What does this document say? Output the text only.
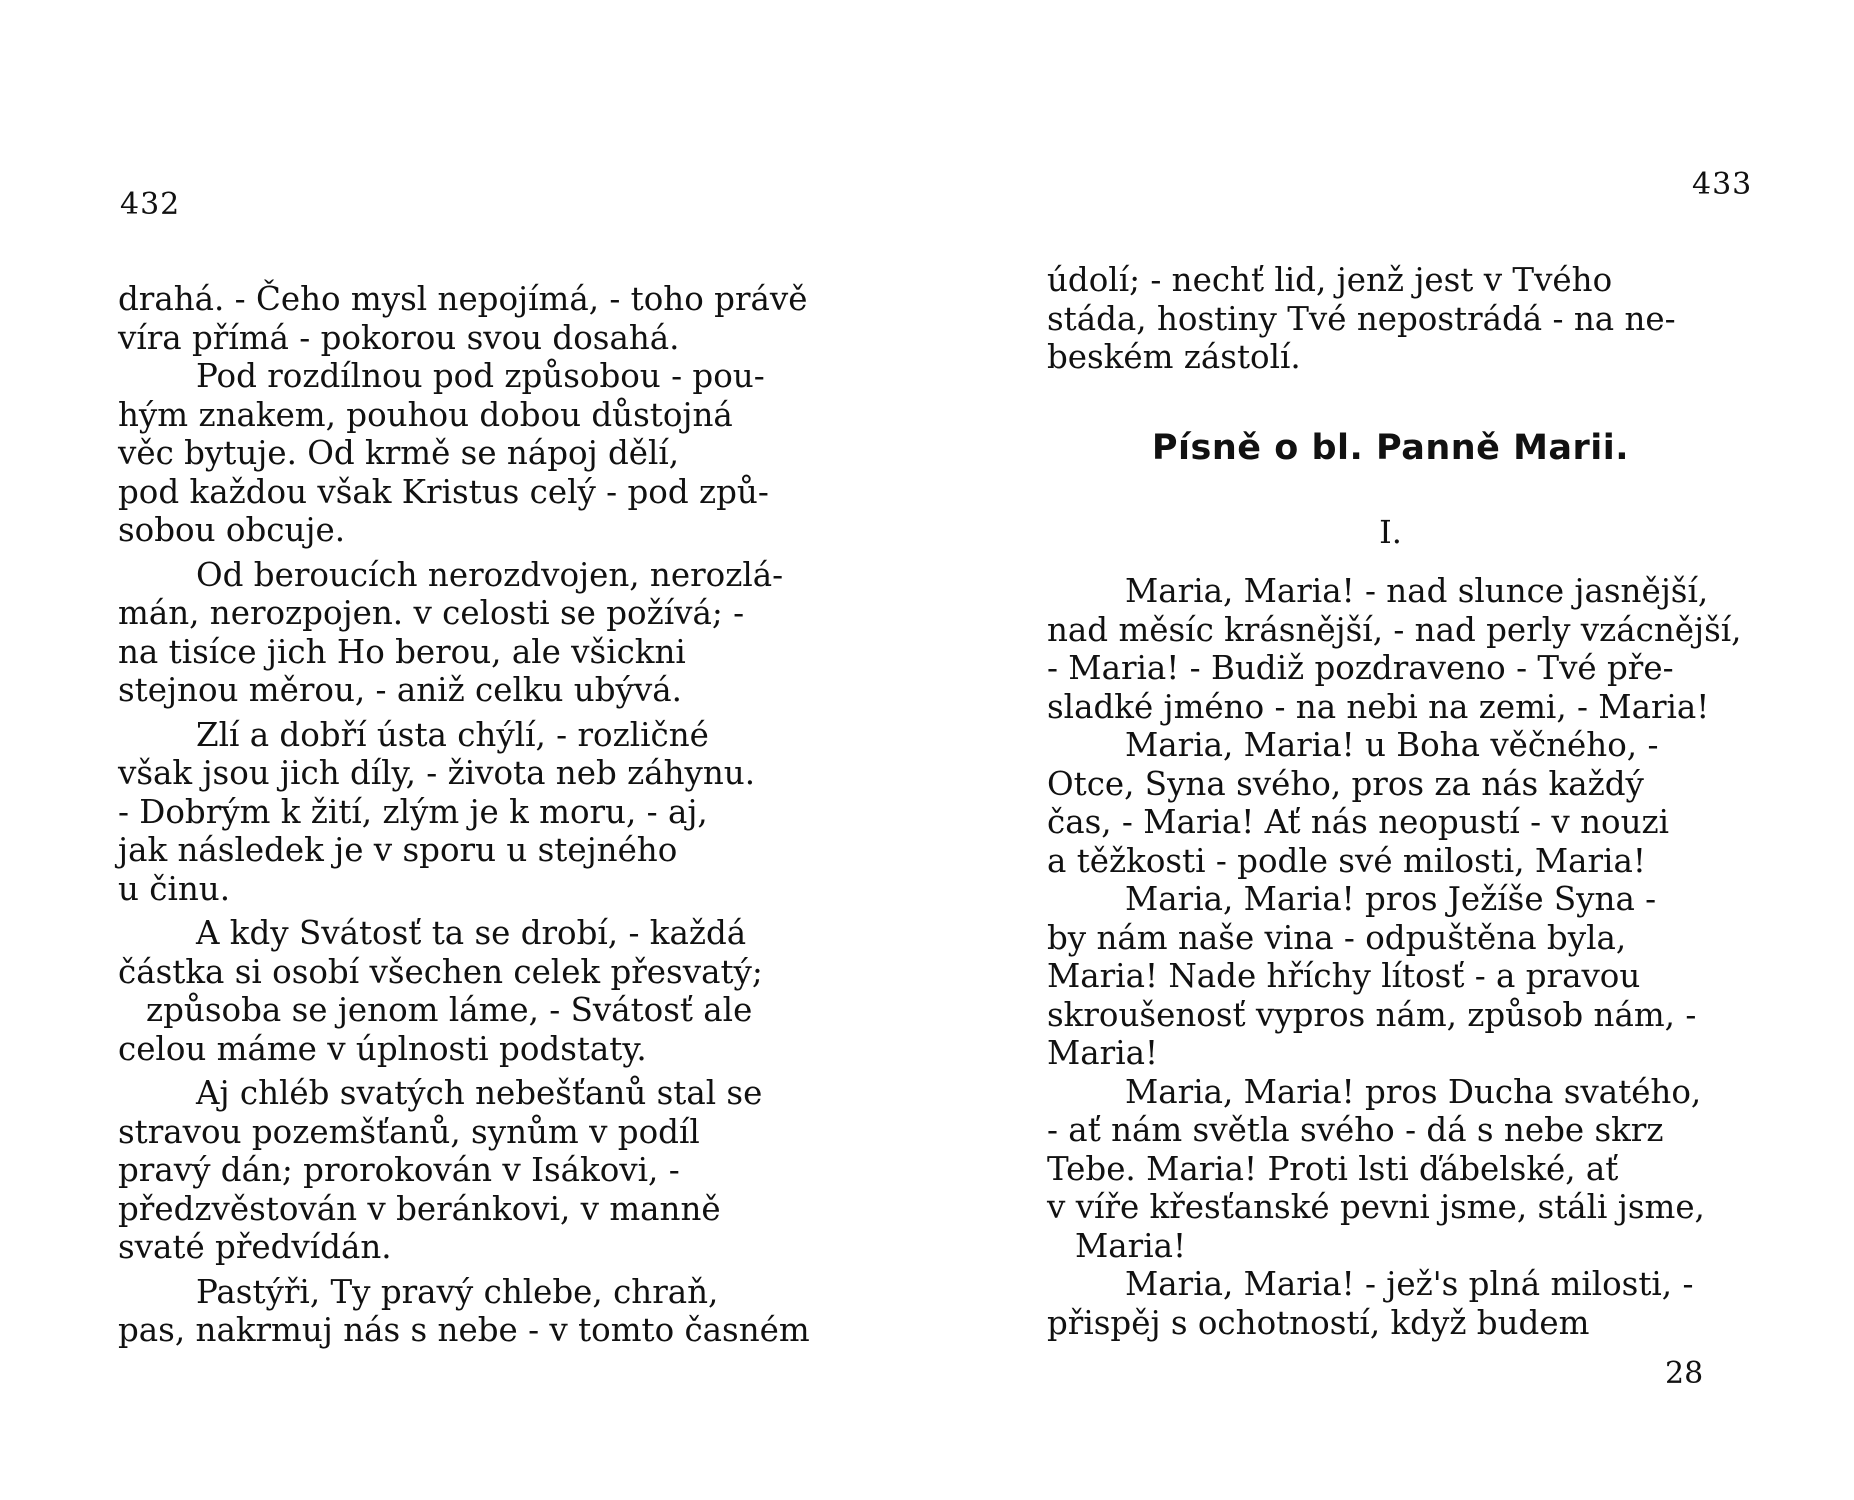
432
drahá. - Čeho mysl nepojímá, - toho právě
víra přímá - pokorou svou dosahá.
Pod rozdílnou pod způsobou - pou-
hým znakem, pouhou dobou důstojná
věc bytuje. Od krmě se nápoj dělí,
pod každou však Kristus celý - pod způ-
sobou obcuje.
Od beroucích nerozdvojen, nerozlá-
mán, nerozpojen. v celosti se požívá; -
na tisíce jich Ho berou, ale všickni
stejnou měrou, - aniž celku ubývá.
Zlí a dobří ústa chýlí, - rozličné
však jsou jich díly, - života neb záhynu.
- Dobrým k žití, zlým je k moru, - aj,
jak následek je v sporu u stejného
u činu.
A kdy Svátosť ta se drobí, - každá
částka si osobí všechen celek přesvatý;
způsoba se jenom láme, - Svátosť ale
celou máme v úplnosti podstaty.
Aj chléb svatých nebešťanů stal se
stravou pozemšťanů, synům v podíl
pravý dán; prorokován v Isákovi, -
předzvěstován v beránkovi, v manně
svaté předvídán.
Pastýři, Ty pravý chlebe, chraň,
pas, nakrmuj nás s nebe - v tomto časném
433
údolí; - nechť lid, jenž jest v Tvého
stáda, hostiny Tvé nepostrádá - na ne-
beském zástolí.
Písně o bl. Panně Marii.
I.
Maria, Maria! - nad slunce jasnější,
nad měsíc krásnější, - nad perly vzácnější,
- Maria! - Budiž pozdraveno - Tvé pře-
sladké jméno - na nebi na zemi, - Maria!
Maria, Maria! u Boha věčného, -
Otce, Syna svého, pros za nás každý
čas, - Maria! Ať nás neopustí - v nouzi
a těžkosti - podle své milosti, Maria!
Maria, Maria! pros Ježíše Syna -
by nám naše vina - odpuštěna byla,
Maria! Nade hříchy lítosť - a pravou
skroušenosť vypros nám, způsob nám, -
Maria!
Maria, Maria! pros Ducha svatého,
- ať nám světla svého - dá s nebe skrz
Tebe. Maria! Proti lsti ďábelské, ať
v víře křesťanské pevni jsme, stáli jsme,
Maria!
Maria, Maria! - jež's plná milosti, -
přispěj s ochotností, když budem
28
